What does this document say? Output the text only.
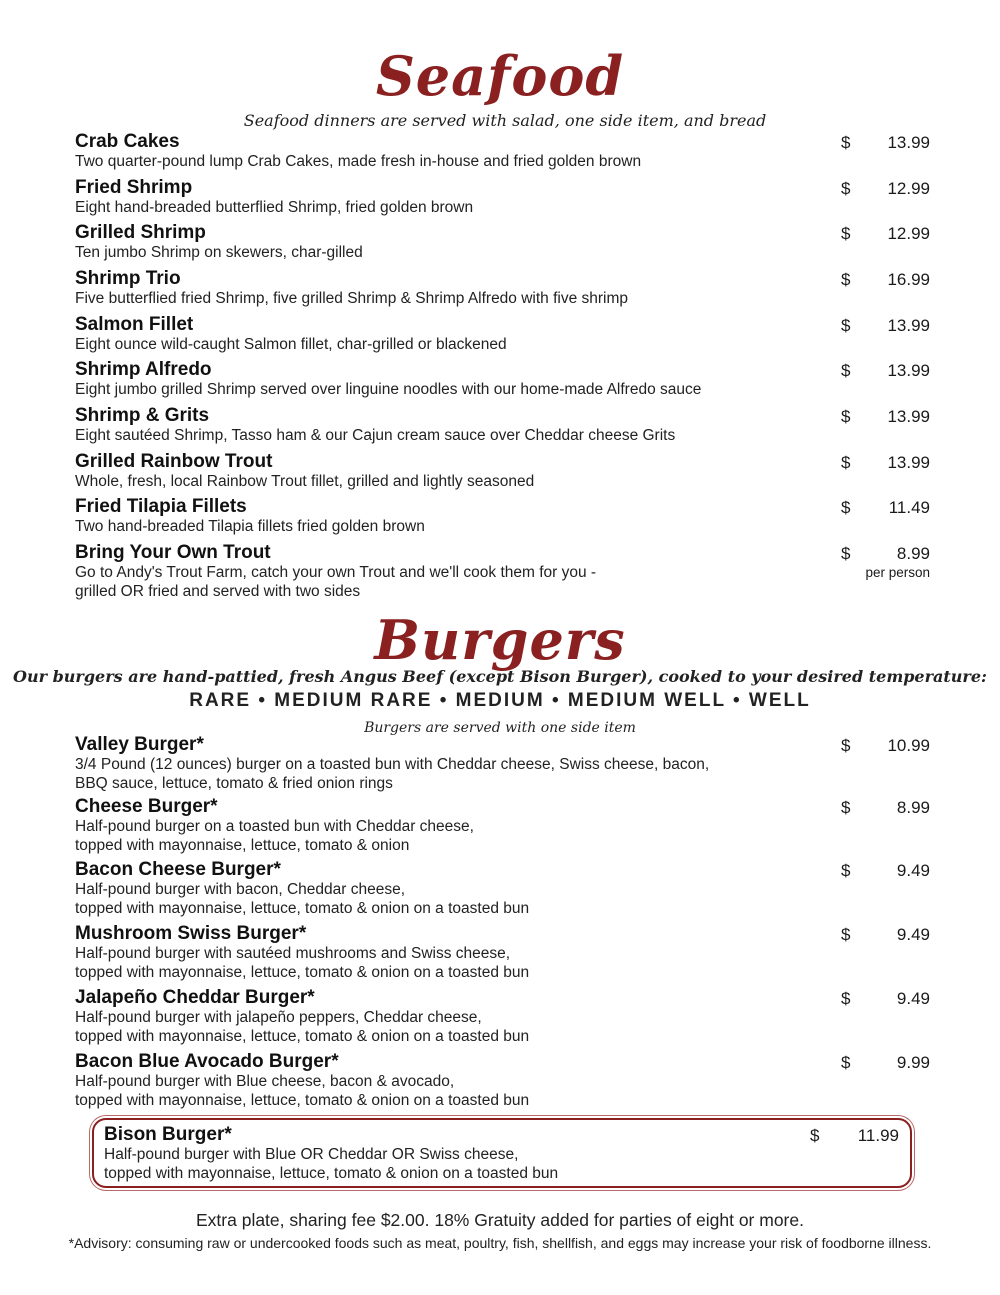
Seafood
Seafood dinners are served with salad, one side item, and bread
Crab Cakes
Two quarter-pound lump Crab Cakes, made fresh in-house and fried golden brown
$ 13.99
Fried Shrimp
Eight hand-breaded butterflied Shrimp, fried golden brown
$ 12.99
Grilled Shrimp
Ten jumbo Shrimp on skewers, char-gilled
$ 12.99
Shrimp Trio
Five butterflied fried Shrimp, five grilled Shrimp & Shrimp Alfredo with five shrimp
$ 16.99
Salmon Fillet
Eight ounce wild-caught Salmon fillet, char-grilled or blackened
$ 13.99
Shrimp Alfredo
Eight jumbo grilled Shrimp served over linguine noodles with our home-made Alfredo sauce
$ 13.99
Shrimp & Grits
Eight sautéed Shrimp, Tasso ham & our Cajun cream sauce over Cheddar cheese Grits
$ 13.99
Grilled Rainbow Trout
Whole, fresh, local Rainbow Trout fillet, grilled and lightly seasoned
$ 13.99
Fried Tilapia Fillets
Two hand-breaded Tilapia fillets fried golden brown
$ 11.49
Bring Your Own Trout
Go to Andy's Trout Farm, catch your own Trout and we'll cook them for you -
grilled OR fried and served with two sides
$	8.99
per person
Burgers
Our burgers are hand-pattied, fresh Angus Beef (except Bison Burger), cooked to your desired temperature:
RARE • MEDIUM RARE • MEDIUM • MEDIUM WELL • WELL
Burgers are served with one side item
Valley Burger*
3/4 Pound (12 ounces) burger on a toasted bun with Cheddar cheese, Swiss cheese, bacon,
BBQ sauce, lettuce, tomato & fried onion rings
$ 10.99
Cheese Burger*
Half-pound burger on a toasted bun with Cheddar cheese,
topped with mayonnaise, lettuce, tomato & onion
$	8.99
Bacon Cheese Burger*
Half-pound burger with bacon, Cheddar cheese,
topped with mayonnaise, lettuce, tomato & onion on a toasted bun
$	9.49
Mushroom Swiss Burger*
Half-pound burger with sautéed mushrooms and Swiss cheese,
topped with mayonnaise, lettuce, tomato & onion on a toasted bun
$	9.49
Jalapeño Cheddar Burger*
Half-pound burger with jalapeño peppers, Cheddar cheese,
topped with mayonnaise, lettuce, tomato & onion on a toasted bun
$	9.49
Bacon Blue Avocado Burger*
Half-pound burger with Blue cheese, bacon & avocado,
topped with mayonnaise, lettuce, tomato & onion on a toasted bun
$	9.99
Bison Burger*
Half-pound burger with Blue OR Cheddar OR Swiss cheese,
topped with mayonnaise, lettuce, tomato & onion on a toasted bun
$ 11.99
Extra plate, sharing fee $2.00. 18% Gratuity added for parties of eight or more.
*Advisory: consuming raw or undercooked foods such as meat, poultry, fish, shellfish, and eggs may increase your risk of foodborne illness.
